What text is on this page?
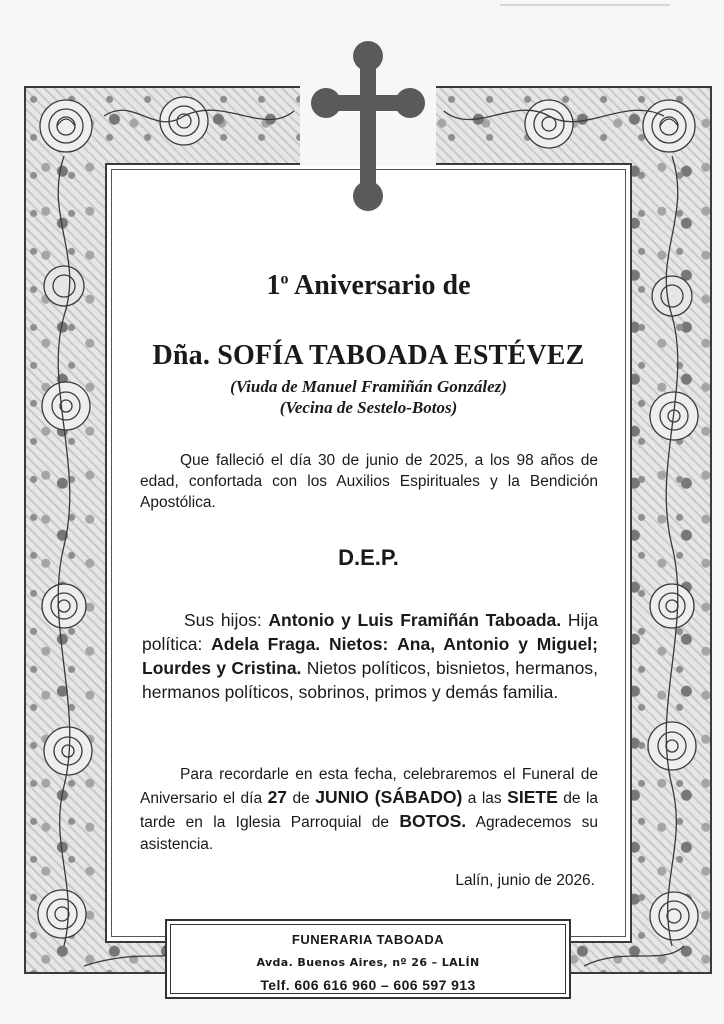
1$^o$ Aniversario de
Dña. SOFÍA TABOADA ESTÉVEZ
(Viuda de Manuel Framiñán González)
(Vecina de Sestelo-Botos)
Que falleció el día 30 de junio de 2025, a los 98 años de edad, confortada con los Auxilios Espirituales y la Bendición Apostólica.
D.E.P.
Sus hijos: Antonio y Luis Framiñán Taboada. Hija política: Adela Fraga. Nietos: Ana, Antonio y Miguel; Lourdes y Cristina. Nietos políticos, bisnietos, hermanos, hermanos políticos, sobrinos, primos y demás familia.
Para recordarle en esta fecha, celebraremos el Funeral de Aniversario el día 27 de JUNIO (SÁBADO) a las SIETE de la tarde en la Iglesia Parroquial de BOTOS. Agradecemos su asistencia.
Lalín, junio de 2026.
FUNERARIA TABOADA
Avda. Buenos Aires, nº 26 – LALÍN
Telf. 606 616 960 – 606 597 913
